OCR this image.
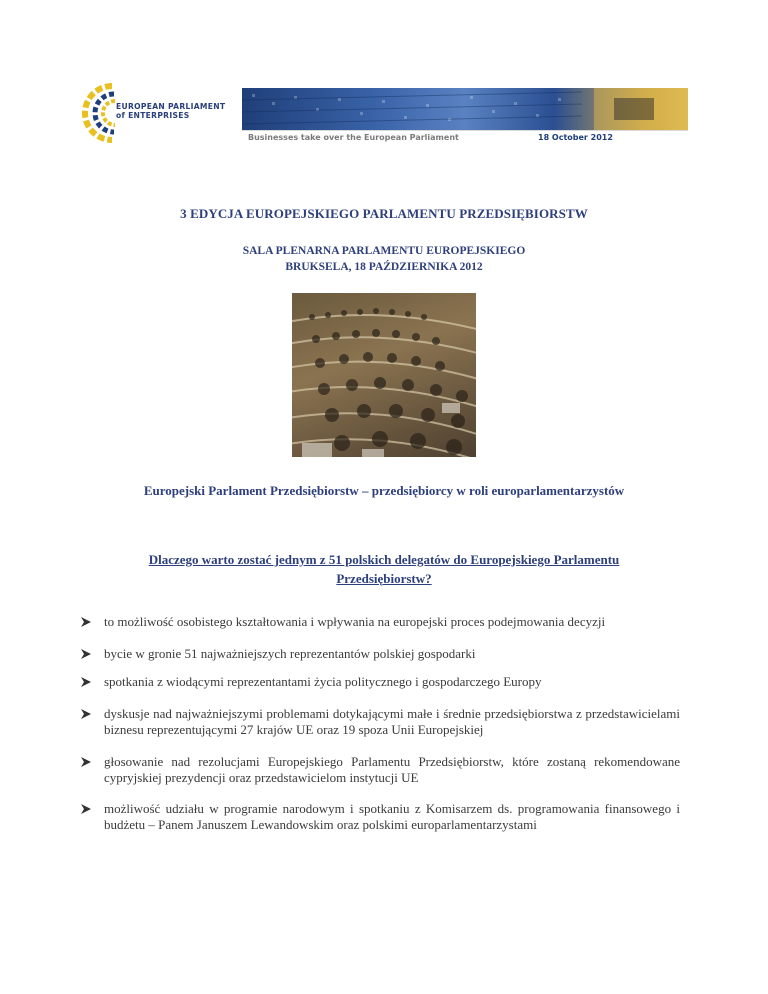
EUROPEAN PARLIAMENT
of ENTERPRISES
Businesses take over the European Parliament	18 October 2012
3 EDYCJA EUROPEJSKIEGO PARLAMENTU PRZEDSIĘBIORSTW
SALA PLENARNA PARLAMENTU EUROPEJSKIEGO
BRUKSELA, 18 PAŹDZIERNIKA 2012
Europejski Parlament Przedsiębiorstw – przedsiębiorcy w roli europarlamentarzystów
Dlaczego warto zostać jednym z 51 polskich delegatów do Europejskiego Parlamentu Przedsiębiorstw?
to możliwość osobistego kształtowania i wpływania na europejski proces podejmowania decyzji
bycie w gronie 51 najważniejszych reprezentantów polskiej gospodarki
spotkania z wiodącymi reprezentantami życia politycznego i gospodarczego Europy
dyskusje nad najważniejszymi problemami dotykającymi małe i średnie przedsiębiorstwa z przedstawicielami biznesu reprezentującymi 27 krajów UE oraz 19 spoza Unii Europejskiej
głosowanie nad rezolucjami Europejskiego Parlamentu Przedsiębiorstw, które zostaną rekomendowane cypryjskiej prezydencji oraz przedstawicielom instytucji UE
możliwość udziału w programie narodowym i spotkaniu z Komisarzem ds. programowania finansowego i budżetu – Panem Januszem Lewandowskim oraz polskimi europarlamentarzystami
